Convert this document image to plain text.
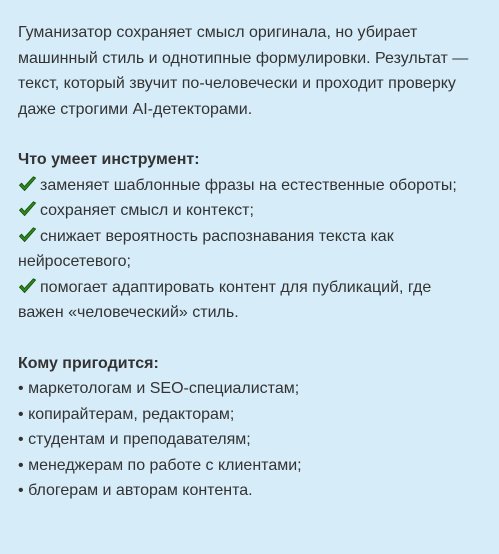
Гуманизатор сохраняет смысл оригинала, но убирает машинный стиль и однотипные формулировки. Результат — текст, который звучит по-человечески и проходит проверку даже строгими AI-детекторами.

Что умеет инструмент:

заменяет шаблонные фразы на естественные обороты;
сохраняет смысл и контекст;
снижает вероятность распознавания текста как нейросетевого;
помогает адаптировать контент для публикаций, где важен «человеческий» стиль.

Кому пригодится:

• маркетологам и SEO-специалистам;
• копирайтерам, редакторам;
• студентам и преподавателям;
• менеджерам по работе с клиентами;
• блогерам и авторам контента.
